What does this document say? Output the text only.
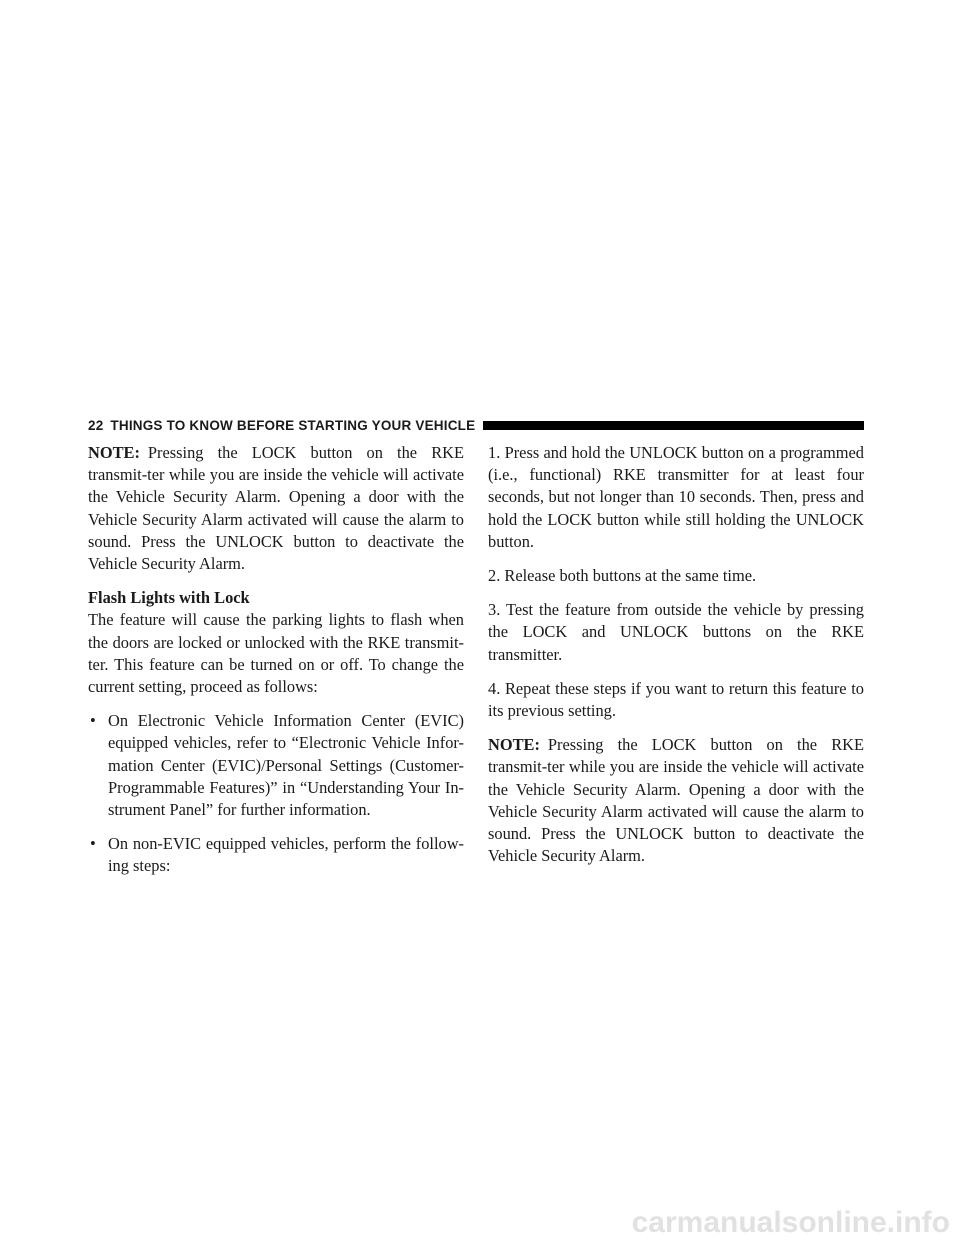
22 THINGS TO KNOW BEFORE STARTING YOUR VEHICLE

NOTE: Pressing the LOCK button on the RKE transmit-ter while you are inside the vehicle will activate the Vehicle Security Alarm. Opening a door with the Vehicle Security Alarm activated will cause the alarm to sound. Press the UNLOCK button to deactivate the Vehicle Security Alarm.

Flash Lights with Lock

The feature will cause the parking lights to flash when the doors are locked or unlocked with the RKE transmit-ter. This feature can be turned on or off. To change the current setting, proceed as follows:

• On Electronic Vehicle Information Center (EVIC) equipped vehicles, refer to “Electronic Vehicle Infor-mation Center (EVIC)/Personal Settings (Customer-Programmable Features)” in “Understanding Your In-strument Panel” for further information.
• On non-EVIC equipped vehicles, perform the follow-ing steps:

1. Press and hold the UNLOCK button on a programmed (i.e., functional) RKE transmitter for at least four seconds, but not longer than 10 seconds. Then, press and hold the LOCK button while still holding the UNLOCK button.

2. Release both buttons at the same time.

3. Test the feature from outside the vehicle by pressing the LOCK and UNLOCK buttons on the RKE transmitter.

4. Repeat these steps if you want to return this feature to its previous setting.

NOTE: Pressing the LOCK button on the RKE transmit-ter while you are inside the vehicle will activate the Vehicle Security Alarm. Opening a door with the Vehicle Security Alarm activated will cause the alarm to sound. Press the UNLOCK button to deactivate the Vehicle Security Alarm.

carmanualsonline.info
